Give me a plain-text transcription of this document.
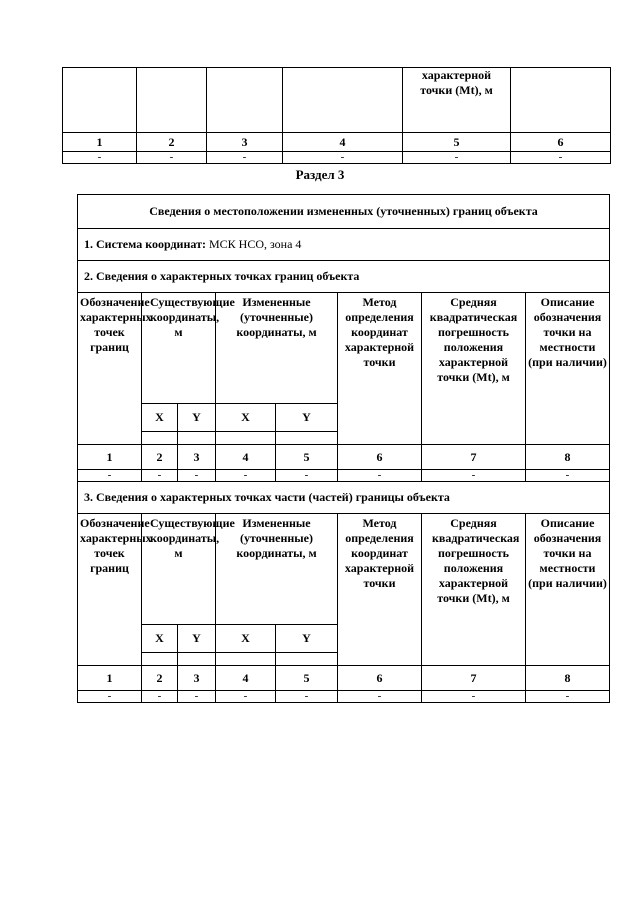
				характерной точки (Mt), м	
1	2	3	4	5	6
-	-	-	-	-	-
Раздел 3
Сведения о местоположении измененных (уточненных) границ объекта							
1. Система координат: МСК НСО, зона 4							
2. Сведения о характерных точках границ объекта							
Обозначение характерных точек границ	Существующие координаты, м		Измененные (уточненные) координаты, м		Метод определения координат характерной точки	Средняя квадратическая погрешность положения характерной точки (Mt), м	Описание обозначения точки на местности (при наличии)
	X	Y	X	Y			

1	2	3	4	5	6	7	8
-	-	-	-	-	-	-	-
3. Сведения о характерных точках части (частей) границы объекта							
Обозначение характерных точек границ	Существующие координаты, м		Измененные (уточненные) координаты, м		Метод определения координат характерной точки	Средняя квадратическая погрешность положения характерной точки (Mt), м	Описание обозначения точки на местности (при наличии)
	X	Y	X	Y			

1	2	3	4	5	6	7	8
-	-	-	-	-	-	-	-
